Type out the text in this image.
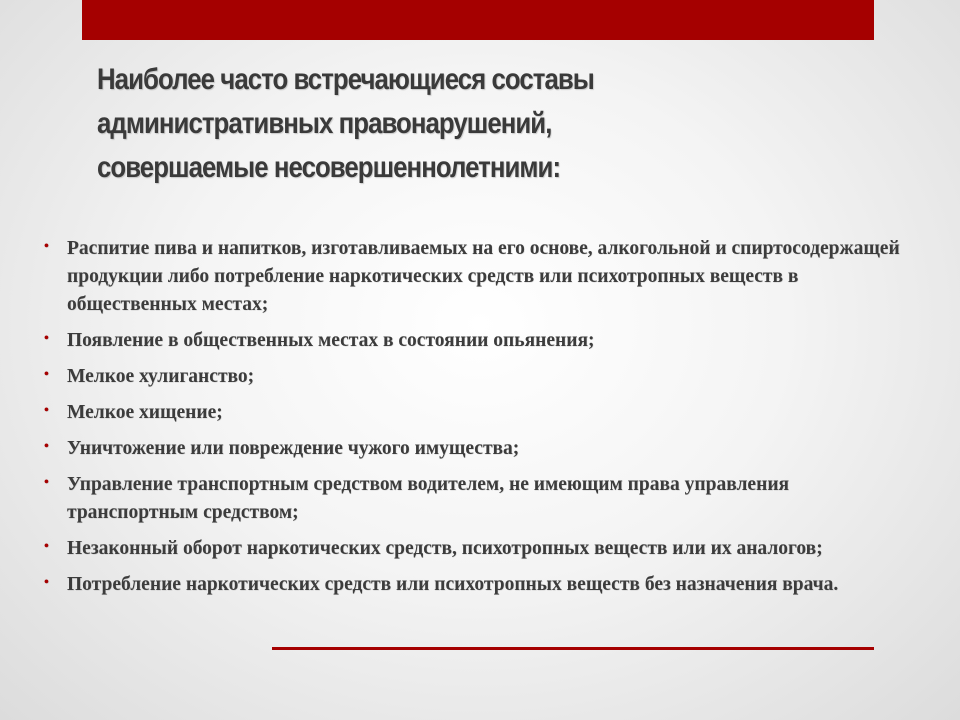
Наиболее часто встречающиеся составы
административных правонарушений,
совершаемые несовершеннолетними:
• Распитие пива и напитков, изготавливаемых на его основе, алкогольной и спиртосодержащей продукции либо потребление наркотических средств или психотропных веществ в общественных местах;
• Появление в общественных местах в состоянии опьянения;
• Мелкое хулиганство;
• Мелкое хищение;
• Уничтожение или повреждение чужого имущества;
• Управление транспортным средством водителем, не имеющим права управления транспортным средством;
• Незаконный оборот наркотических средств, психотропных веществ или их аналогов;
• Потребление наркотических средств или психотропных веществ без назначения врача.
